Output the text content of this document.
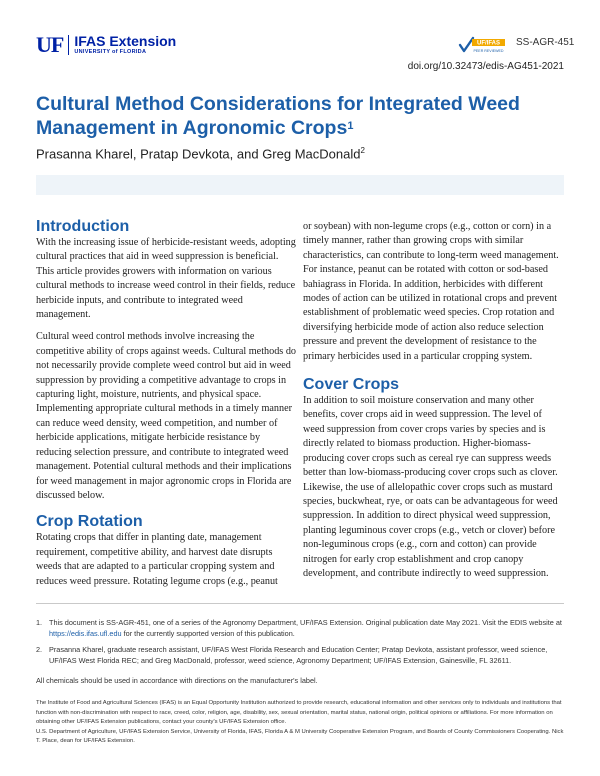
UF IFAS Extension
UNIVERSITY of FLORIDA
UF/IFAS
PEER REVIEWED
SS-AGR-451
doi.org/10.32473/edis-AG451-2021
Cultural Method Considerations for Integrated Weed Management in Agronomic Crops$^1$
Prasanna Kharel, Pratap Devkota, and Greg MacDonald$^2$
Introduction

With the increasing issue of herbicide-resistant weeds, adopting cultural practices that aid in weed suppression is beneficial. This article provides growers with information on various cultural methods to increase weed control in their fields, reduce herbicide inputs, and contribute to integrated weed management.

Cultural weed control methods involve increasing the competitive ability of crops against weeds. Cultural methods do not necessarily provide complete weed control but aid in weed suppression by providing a competitive advantage to crops in capturing light, moisture, nutrients, and physical space. Implementing appropriate cultural methods in a timely manner can reduce weed density, weed competition, and number of herbicide applications, mitigate herbicide resistance by reducing selection pressure, and contribute to integrated weed management. Potential cultural methods and their implications for weed management in major agronomic crops in Florida are discussed below.

Crop Rotation

Rotating crops that differ in planting date, management requirement, competitive ability, and harvest date disrupts weeds that are adapted to a particular cropping system and reduces weed pressure. Rotating legume crops (e.g., peanut

or soybean) with non-legume crops (e.g., cotton or corn) in a timely manner, rather than growing crops with similar characteristics, can contribute to long-term weed management. For instance, peanut can be rotated with cotton or sod-based bahiagrass in Florida. In addition, herbicides with different modes of action can be utilized in rotational crops and prevent establishment of problematic weed species. Crop rotation and diversifying herbicide mode of action also reduce selection pressure and prevent the development of resistance to the primary herbicides used in a particular cropping system.

Cover Crops

In addition to soil moisture conservation and many other benefits, cover crops aid in weed suppression. The level of weed suppression from cover crops varies by species and is directly related to biomass production. Higher-biomass-producing cover crops such as cereal rye can suppress weeds better than low-biomass-producing cover crops such as clover. Likewise, the use of allelopathic cover crops such as mustard species, buckwheat, rye, or oats can be advantageous for weed suppression. In addition to direct physical weed suppression, planting leguminous cover crops (e.g., vetch or clover) before non-leguminous crops (e.g., corn and cotton) can provide nitrogen for early crop establishment and crop canopy development, and contribute indirectly to weed suppression.

1. This document is SS-AGR-451, one of a series of the Agronomy Department, UF/IFAS Extension. Original publication date May 2021. Visit the EDIS website at https://edis.ifas.ufl.edu for the currently supported version of this publication.
2. Prasanna Kharel, graduate research assistant, UF/IFAS West Florida Research and Education Center; Pratap Devkota, assistant professor, weed science, UF/IFAS West Florida REC; and Greg MacDonald, professor, weed science, Agronomy Department; UF/IFAS Extension, Gainesville, FL 32611.
All chemicals should be used in accordance with directions on the manufacturer's label.

The Institute of Food and Agricultural Sciences (IFAS) is an Equal Opportunity Institution authorized to provide research, educational information and other services only to individuals and institutions that function with non-discrimination with respect to race, creed, color, religion, age, disability, sex, sexual orientation, marital status, national origin, political opinions or affiliations. For more information on obtaining other UF/IFAS Extension publications, contact your county's UF/IFAS Extension office.

U.S. Department of Agriculture, UF/IFAS Extension Service, University of Florida, IFAS, Florida A & M University Cooperative Extension Program, and Boards of County Commissioners Cooperating. Nick T. Place, dean for UF/IFAS Extension.
